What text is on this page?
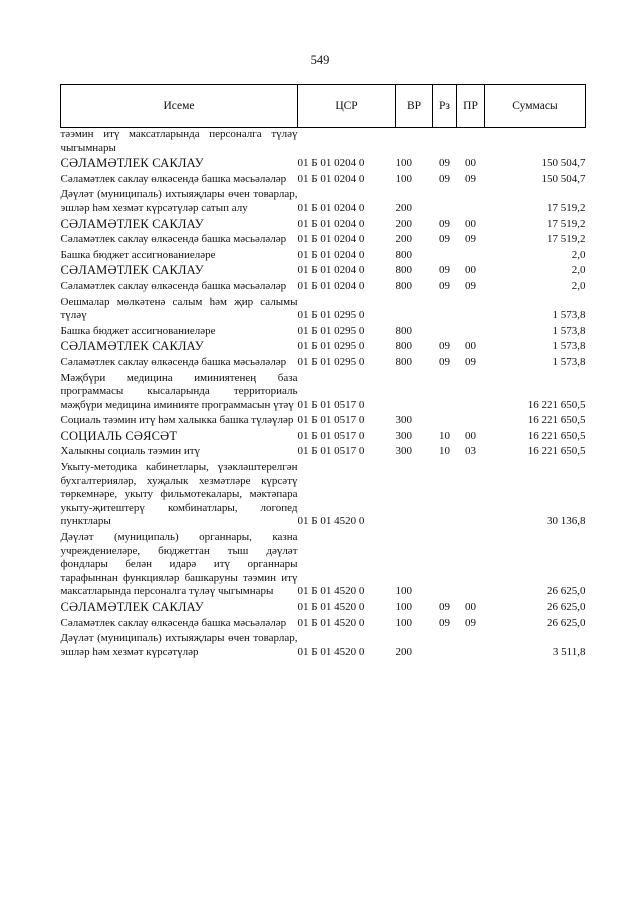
549
Исеме	ЦСР	ВР	Рз	ПР	Суммасы
тәэмин итү максатларында персоналга түләү чыгымнары					
СӘЛАМӘТЛЕК САКЛАУ	01 Б 01 0204 0	100	09	00	150 504,7
Сәламәтлек саклау өлкәсендә башка мәсьәләләр	01 Б 01 0204 0	100	09	09	150 504,7
Дәүләт (муниципаль) ихтыяҗлары өчен товарлар, эшләр һәм хезмәт күрсәтүләр сатып алу	01 Б 01 0204 0	200			17 519,2
СӘЛАМӘТЛЕК САКЛАУ	01 Б 01 0204 0	200	09	00	17 519,2
Сәламәтлек саклау өлкәсендә башка мәсьәләләр	01 Б 01 0204 0	200	09	09	17 519,2
Башка бюджет ассигнованиеләре	01 Б 01 0204 0	800			2,0
СӘЛАМӘТЛЕК САКЛАУ	01 Б 01 0204 0	800	09	00	2,0
Сәламәтлек саклау өлкәсендә башка мәсьәләләр	01 Б 01 0204 0	800	09	09	2,0
Оешмалар мөлкәтенә салым һәм җир салымы түләү	01 Б 01 0295 0				1 573,8
Башка бюджет ассигнованиеләре	01 Б 01 0295 0	800			1 573,8
СӘЛАМӘТЛЕК САКЛАУ	01 Б 01 0295 0	800	09	00	1 573,8
Сәламәтлек саклау өлкәсендә башка мәсьәләләр	01 Б 01 0295 0	800	09	09	1 573,8
Мәҗбүри медицина иминиятенең база программасы кысаларында территориаль мәҗбүри медицина иминияте программасын үтәү	01 Б 01 0517 0				16 221 650,5
Социаль тәэмин итү һәм халыкка башка түләүләр	01 Б 01 0517 0	300			16 221 650,5
СОЦИАЛЬ СӘЯСӘТ	01 Б 01 0517 0	300	10	00	16 221 650,5
Халыкны социаль тәэмин итү	01 Б 01 0517 0	300	10	03	16 221 650,5
Укыту-методика кабинетлары, үзәкләштерелгән бухгалтерияләр, хуҗалык хезмәтләре күрсәтү төркемнәре, укыту фильмотекалары, мәктәпара укыту-җитештерү комбинатлары, логопед пунктлары	01 Б 01 4520 0				30 136,8
Дәүләт (муниципаль) органнары, казна учреждениеләре, бюджеттан тыш дәүләт фондлары белән идарә итү органнары тарафыннан функцияләр башкаруны тәэмин итү максатларында персоналга түләү чыгымнары	01 Б 01 4520 0	100			26 625,0
СӘЛАМӘТЛЕК САКЛАУ	01 Б 01 4520 0	100	09	00	26 625,0
Сәламәтлек саклау өлкәсендә башка мәсьәләләр	01 Б 01 4520 0	100	09	09	26 625,0
Дәүләт (муниципаль) ихтыяҗлары өчен товарлар, эшләр һәм хезмәт күрсәтүләр	01 Б 01 4520 0	200			3 511,8
